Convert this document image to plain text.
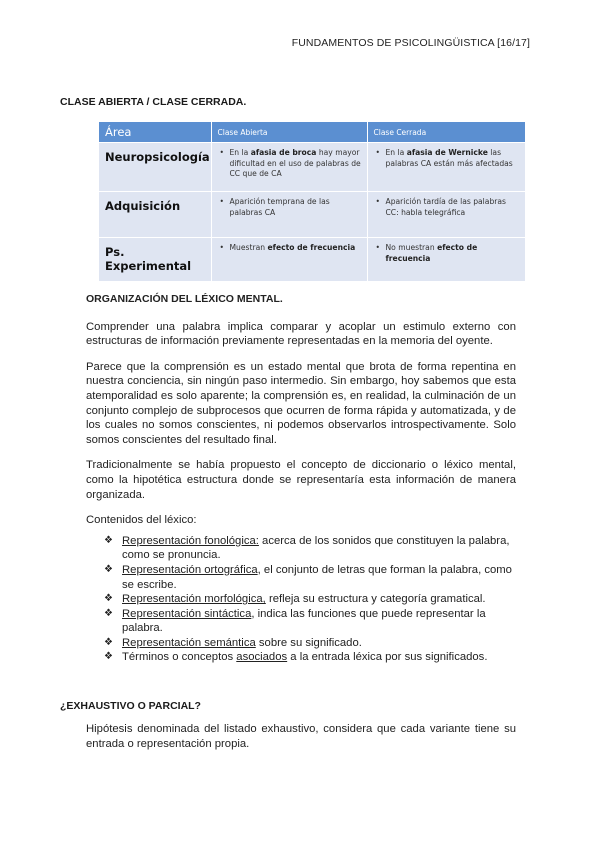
FUNDAMENTOS DE PSICOLINGÜISTICA [16/17]
CLASE ABIERTA / CLASE CERRADA.
Área	Clase Abierta	Clase Cerrada
Neuropsicología	• En la afasia de broca hay mayor dificultad en el uso de palabras de CC que de CA	• En la afasia de Wernicke las palabras CA están más afectadas

Adquisición	• Aparición temprana de las palabras CA	• Aparición tardía de las palabras CC: habla telegráfica

Ps. Experimental	• Muestran efecto de frecuencia	• No muestran efecto de frecuencia
ORGANIZACIÓN DEL LÉXICO MENTAL.

Comprender una palabra implica comparar y acoplar un estimulo externo con estructuras de información previamente representadas en la memoria del oyente.

Parece que la comprensión es un estado mental que brota de forma repentina en nuestra conciencia, sin ningún paso intermedio. Sin embargo, hoy sabemos que esta atemporalidad es solo aparente; la comprensión es, en realidad, la culminación de un conjunto complejo de subprocesos que ocurren de forma rápida y automatizada, y de los cuales no somos conscientes, ni podemos observarlos introspectivamente. Solo somos conscientes del resultado final.

Tradicionalmente se había propuesto el concepto de diccionario o léxico mental, como la hipotética estructura donde se representaría esta información de manera organizada.

Contenidos del léxico:

❖ Representación fonológica: acerca de los sonidos que constituyen la palabra, como se pronuncia.
❖ Representación ortográfica, el conjunto de letras que forman la palabra, como se escribe.
❖ Representación morfológica, refleja su estructura y categoría gramatical.
❖ Representación sintáctica, indica las funciones que puede representar la palabra.
❖ Representación semántica sobre su significado.
❖ Términos o conceptos asociados a la entrada léxica por sus significados.
¿EXHAUSTIVO O PARCIAL?

Hipótesis denominada del listado exhaustivo, considera que cada variante tiene su entrada o representación propia.
